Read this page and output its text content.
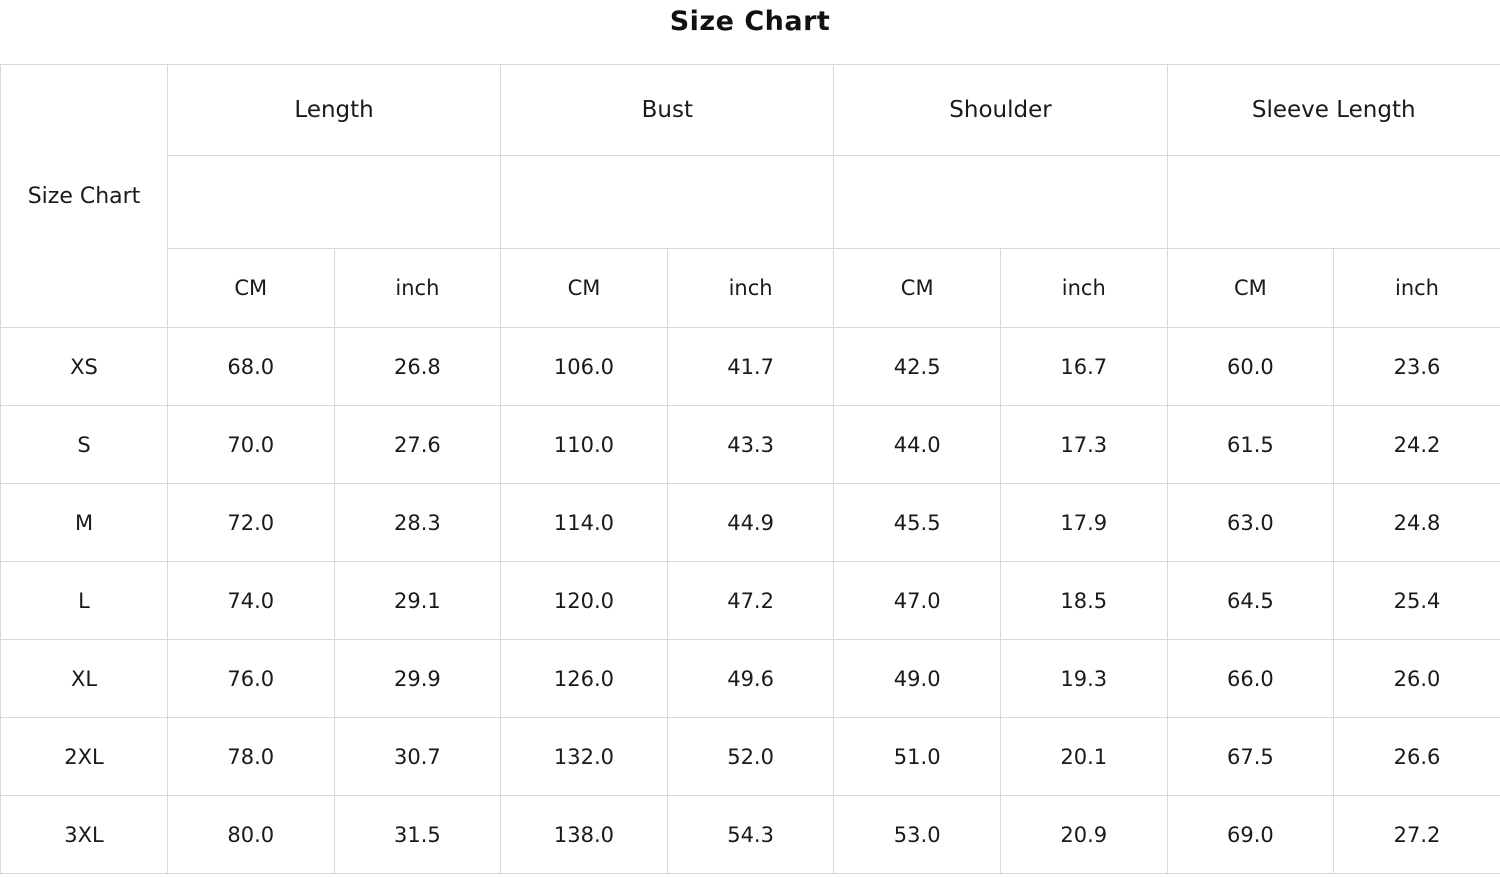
Size Chart
Size Chart	Length		Bust		Shoulder		Sleeve Length	

	CM	inch	CM	inch	CM	inch	CM	inch
XS	68.0	26.8	106.0	41.7	42.5	16.7	60.0	23.6
S	70.0	27.6	110.0	43.3	44.0	17.3	61.5	24.2
M	72.0	28.3	114.0	44.9	45.5	17.9	63.0	24.8
L	74.0	29.1	120.0	47.2	47.0	18.5	64.5	25.4
XL	76.0	29.9	126.0	49.6	49.0	19.3	66.0	26.0
2XL	78.0	30.7	132.0	52.0	51.0	20.1	67.5	26.6
3XL	80.0	31.5	138.0	54.3	53.0	20.9	69.0	27.2
